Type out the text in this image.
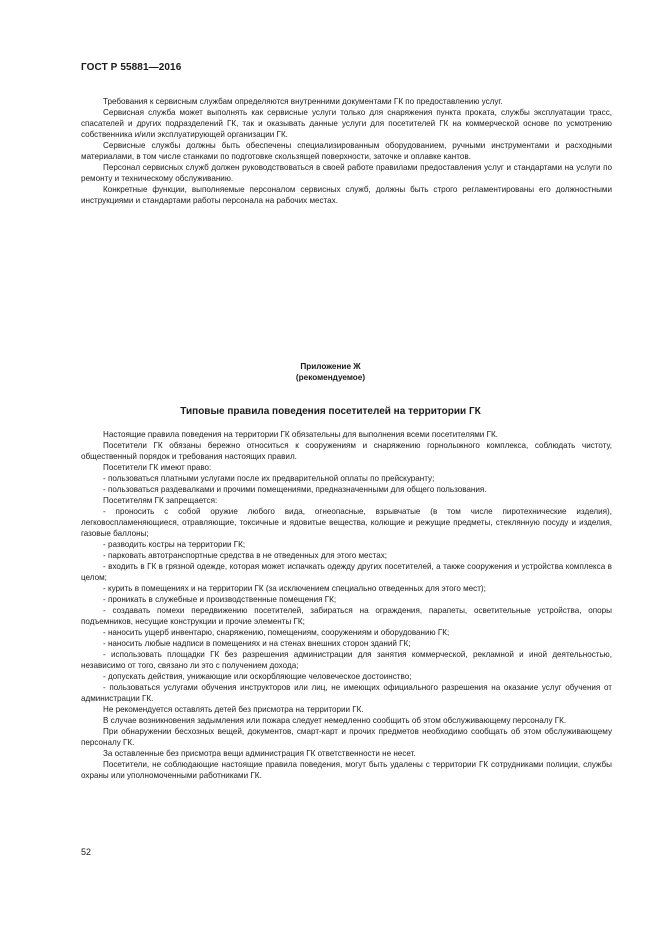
ГОСТ Р 55881—2016

Требования к сервисным службам определяются внутренними документами ГК по предоставлению услуг.

Сервисная служба может выполнять как сервисные услуги только для снаряжения пункта проката, службы эксплуатации трасс, спасателей и других подразделений ГК, так и оказывать данные услуги для посетителей ГК на коммерческой основе по усмотрению собственника и/или эксплуатирующей организации ГК.

Сервисные службы должны быть обеспечены специализированным оборудованием, ручными инструментами и расходными материалами, в том числе станками по подготовке скользящей поверхности, заточке и оплавке кантов.

Персонал сервисных служб должен руководствоваться в своей работе правилами предоставления услуг и стандартами на услуги по ремонту и техническому обслуживанию.

Конкретные функции, выполняемые персоналом сервисных служб, должны быть строго регламентированы его должностными инструкциями и стандартами работы персонала на рабочих местах.

Приложение Ж
(рекомендуемое)
Типовые правила поведения посетителей на территории ГК

Настоящие правила поведения на территории ГК обязательны для выполнения всеми посетителями ГК.

Посетители ГК обязаны бережно относиться к сооружениям и снаряжению горнолыжного комплекса, соблюдать чистоту, общественный порядок и требования настоящих правил.

Посетители ГК имеют право:

- пользоваться платными услугами после их предварительной оплаты по прейскуранту;

- пользоваться раздевалками и прочими помещениями, предназначенными для общего пользования.

Посетителям ГК запрещается:

- проносить с собой оружие любого вида, огнеопасные, взрывчатые (в том числе пиротехнические изделия), легковоспламеняющиеся, отравляющие, токсичные и ядовитые вещества, колющие и режущие предметы, стеклянную посуду и изделия, газовые баллоны;

- разводить костры на территории ГК;

- парковать автотранспортные средства в не отведенных для этого местах;

- входить в ГК в грязной одежде, которая может испачкать одежду других посетителей, а также сооружения и устройства комплекса в целом;

- курить в помещениях и на территории ГК (за исключением специально отведенных для этого мест);

- проникать в служебные и производственные помещения ГК;

- создавать помехи передвижению посетителей, забираться на ограждения, парапеты, осветительные устройства, опоры подъемников, несущие конструкции и прочие элементы ГК;

- наносить ущерб инвентарю, снаряжению, помещениям, сооружениям и оборудованию ГК;

- наносить любые надписи в помещениях и на стенах внешних сторон зданий ГК;

- использовать площадки ГК без разрешения администрации для занятия коммерческой, рекламной и иной деятельностью, независимо от того, связано ли это с получением дохода;

- допускать действия, унижающие или оскорбляющие человеческое достоинство;

- пользоваться услугами обучения инструкторов или лиц, не имеющих официального разрешения на оказание услуг обучения от администрации ГК.

Не рекомендуется оставлять детей без присмотра на территории ГК.

В случае возникновения задымления или пожара следует немедленно сообщить об этом обслуживающему персоналу ГК.

При обнаружении бесхозных вещей, документов, смарт-карт и прочих предметов необходимо сообщать об этом обслуживающему персоналу ГК.

За оставленные без присмотра вещи администрация ГК ответственности не несет.

Посетители, не соблюдающие настоящие правила поведения, могут быть удалены с территории ГК сотрудниками полиции, службы охраны или уполномоченными работниками ГК.

52
